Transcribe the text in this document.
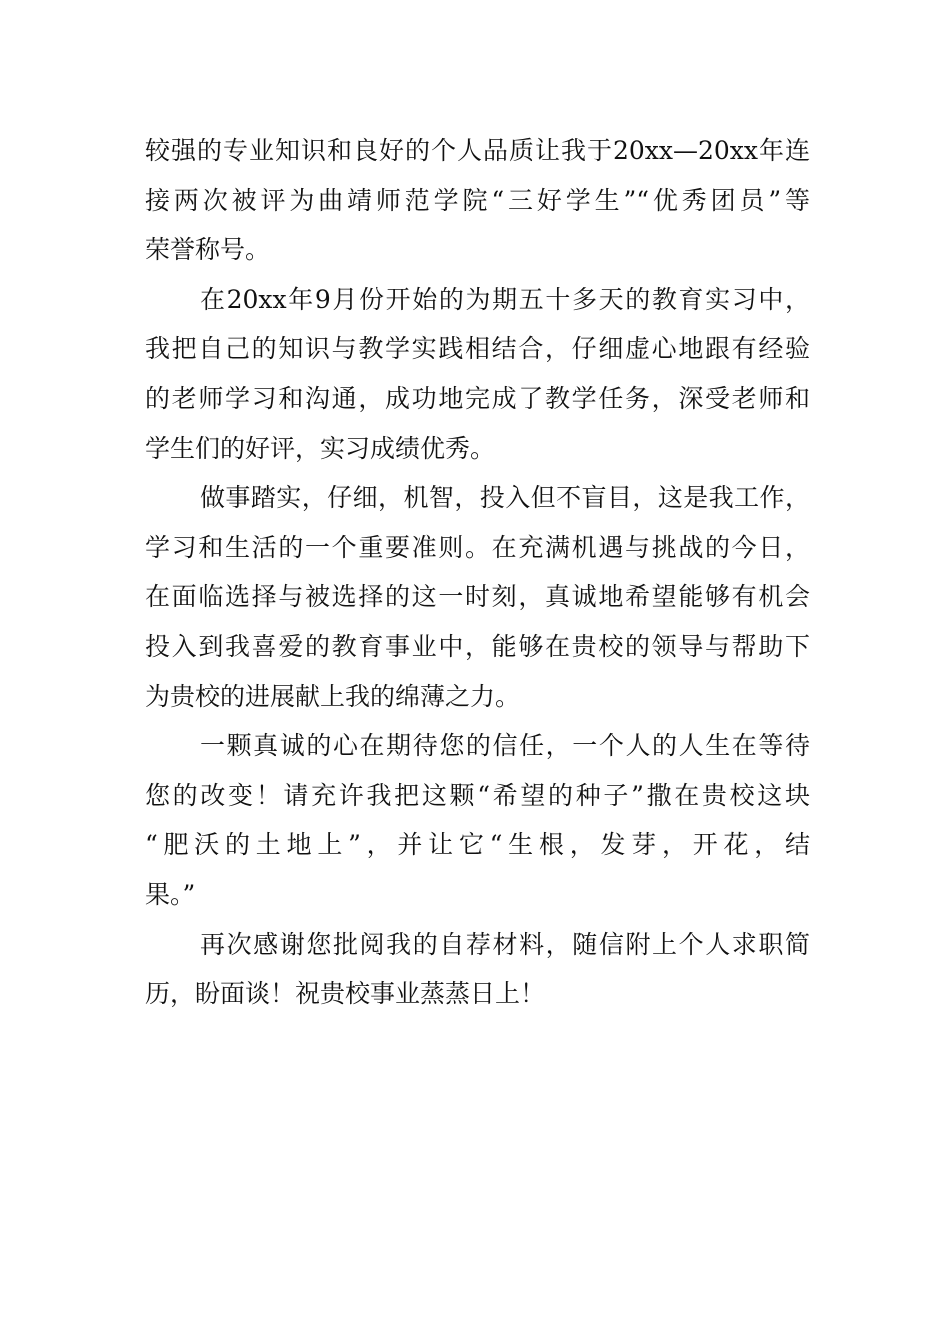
较强的专业知识和良好的个人品质让我于20xx—20xx年连
接两次被评为曲靖师范学院“三好学生”“优秀团员”等
荣誉称号。

在20xx年9月份开始的为期五十多天的教育实习中，
我把自己的知识与教学实践相结合，仔细虚心地跟有经验
的老师学习和沟通，成功地完成了教学任务，深受老师和
学生们的好评，实习成绩优秀。

做事踏实，仔细，机智，投入但不盲目，这是我工作，
学习和生活的一个重要准则。在充满机遇与挑战的今日，
在面临选择与被选择的这一时刻，真诚地希望能够有机会
投入到我喜爱的教育事业中，能够在贵校的领导与帮助下
为贵校的进展献上我的绵薄之力。

一颗真诚的心在期待您的信任，一个人的人生在等待
您的改变！请充许我把这颗“希望的种子”撒在贵校这块
“肥沃的土地上”，并让它“生根，发芽，开花，结
果。”

再次感谢您批阅我的自荐材料，随信附上个人求职简
历，盼面谈！祝贵校事业蒸蒸日上！
